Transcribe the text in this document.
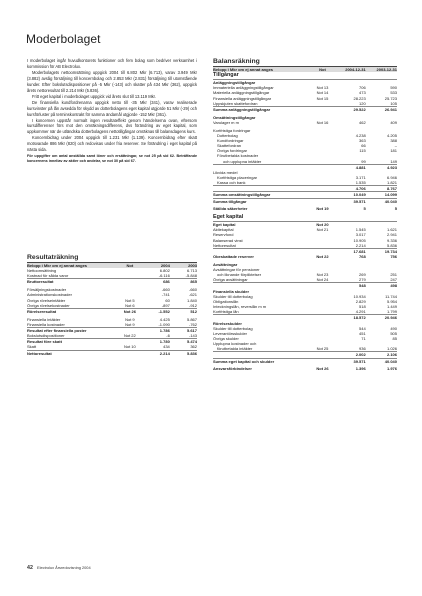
Moderbolaget

I moderbolaget ingår huvudkontorets funktioner och fem bolag som bedriver verksamhet i kommission för AB Electrolux.

Moderbolagets nettoomsättning uppgick 2004 till 6.802 Mkr (6.713), varav 3.949 Mkr (3.882) avsåg försäljning till koncernbolag och 2.853 Mkr (2.831) försäljning till utomstående kunder. Efter bokslutsdispositioner på -5 Mkr (-143) och skatter på 434 Mkr (362), uppgick årets nettoresultat till 2.214 Mkr (5.836).

Fritt eget kapital i moderbolaget uppgick vid årets slut till 13.119 Mkr.

De finansiella kundfordrenarna uppgick netto till -35 Mkr (341), varav realiserade kursvinster på lån avsedda för skydd av dotterbolagens eget kapital utgjorde 51 Mkr (-29) och kursförluster på terminskontrakt för samma ändamål utgjorde -152 Mkr (361).

I koncernen uppstår normalt ingen resultateffekt genom händelserna ovan, eftersom kursdifferenser förs mot den omräkningsdifferens, dvs förändring av eget kapital, som uppkommer när de utländska dotterbolagens nettotillgångar omräknas till balansdagens kurs.

Koncernbidrag under 2004 uppgick till 1.231 Mkr (1.139). Koncernbidrag efter skatt motsvarade 886 Mkr (820) och redovisas under fria reserver. Se förändring i eget kapital på nästa sida.

För uppgifter om antal anställda samt löner och ersättningar, se not 25 på sid 62. Beträffande koncernens inneliav av aktier och andelar, se not 30 på sid 67.

Resultaträkning
Belopp i Mkr om ej annat anges	Not	2004	2003
Nettoomsättning		6.802	6.713
Kostnad för sålda varor		-6.116	-5.848
Bruttoresultat		686	865

Försäljningskostnader		-660	-660
Administrationskostnader		-741	-621
Övriga rörelseintäkter	Not 5	60	1.840
Övriga rörelsekostnader	Not 6	-897	-912
Rörelseresultat	Not 26	-1.552	512

Finansiella intäkter	Not 9	4.425	5.867
Finansiella kostnader	Not 9	-1.090	-762
Resultat efter finansiella poster		1.786	5.617
Bokslutsdispositioner	Not 22	-6	-143
Resultat före skatt		1.780	5.474
Skatt	Not 10	434	362
Nettoresultat		2.214	5.836
Balansräkning
Belopp i Mkr om ej annat anges	Not	2004-12-31	2003-12-31
Tillgångar			
Anläggningstillgångar			
Immateriella anläggningstillgångar	Not 13	706	590
Materiella anläggningstillgångar	Not 14	473	533
Finansiella anläggningstillgångar	Not 15	28.223	25.723
Uppskjuten skattefordran		120	105
Summa anläggningstillgångar		29.522	26.941

Omsättningstillgångar			
Varulager m m	Not 16	462	409

Kortfristiga fordringar			
Dotterbolag		4.238	4.205
Kundfordringar		363	388
Skattefordran		66	–
Övriga fordringar		115	181
Förutbetalda kostnader			
och upplupna intäkter		99	149
		4.881	4.923
Likvida medel			
Kortfristiga placeringar		3.171	6.946
Kassa och bank		1.535	1.821
		4.706	8.767
Summa omsättningstillgångar		10.049	14.099
Summa tillgångar		39.571	40.040

Ställda säkerheter	Not 19	5	5

Eget kapital			
Eget kapital	Not 20		
Aktiekapital	Not 21	1.545	1.621
Reservfond		3.017	2.941
Balanserad vinst		10.905	9.336
Nettoresultat		2.214	5.836
		17.681	19.734
Obeskattade reserver	Not 22	768	756

Avsättningar			
Avsättningar för pensioner			
och liknande förpliktelser	Not 23	269	251
Övriga avsättningar	Not 24	279	247
		548	498
Finansiella skulder			
Skulder till dotterbolag		10.934	11.744
Obligationslån		2.829	5.954
Inteckningslån, reverslån m m		518	1.449
Kortfristiga lån		4.291	1.799
		18.572	20.946
Rörelseskulder			
Skulder till dotterbolag		544	490
Leverantörsskulder		451	505
Övriga skulder		71	85
Upplupna kostnader och			
förutbetalda intäkter	Not 25	936	1.026
		2.002	2.106
Summa eget kapital och skulder		39.571	40.040

Ansvarsförbindelser	Not 26	1.396	1.976
42 Electrolux Årsredovisning 2004
